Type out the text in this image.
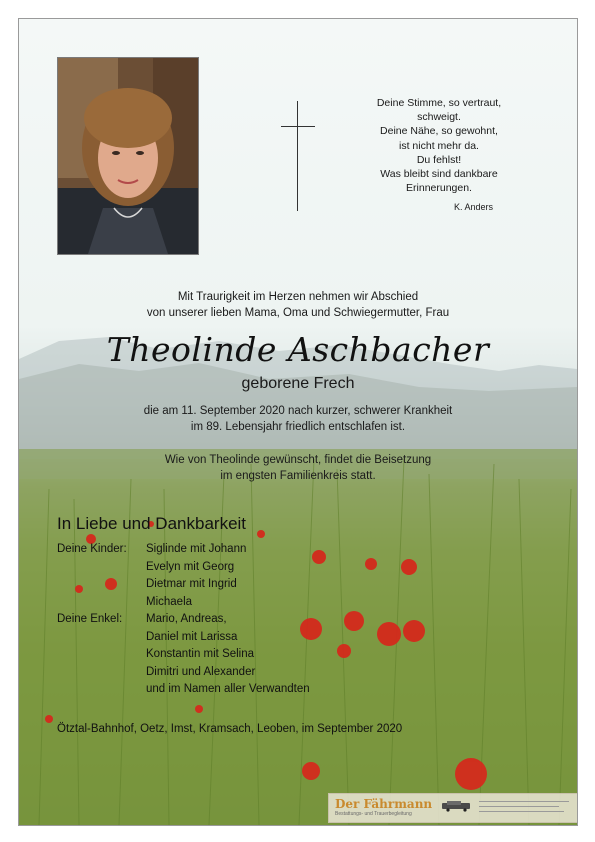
Deine Stimme, so vertraut,
schweigt.
Deine Nähe, so gewohnt,
ist nicht mehr da.
Du fehlst!
Was bleibt sind dankbare
Erinnerungen.
K. Anders
Mit Traurigkeit im Herzen nehmen wir Abschied
von unserer lieben Mama, Oma und Schwiegermutter, Frau
Theolinde Aschbacher
geborene Frech
die am 11. September 2020 nach kurzer, schwerer Krankheit
im 89. Lebensjahr friedlich entschlafen ist.
Wie von Theolinde gewünscht, findet die Beisetzung
im engsten Familienkreis statt.
In Liebe und Dankbarkeit
Deine Kinder: Siglinde mit Johann
Evelyn mit Georg
Dietmar mit Ingrid
Michaela
Deine Enkel: Mario, Andreas,
Daniel mit Larissa
Konstantin mit Selina
Dimitri und Alexander
und im Namen aller Verwandten
Ötztal-Bahnhof, Oetz, Imst, Kramsach, Leoben, im September 2020
Der Fährmann
Bestattungs- und Trauerbegleitung
